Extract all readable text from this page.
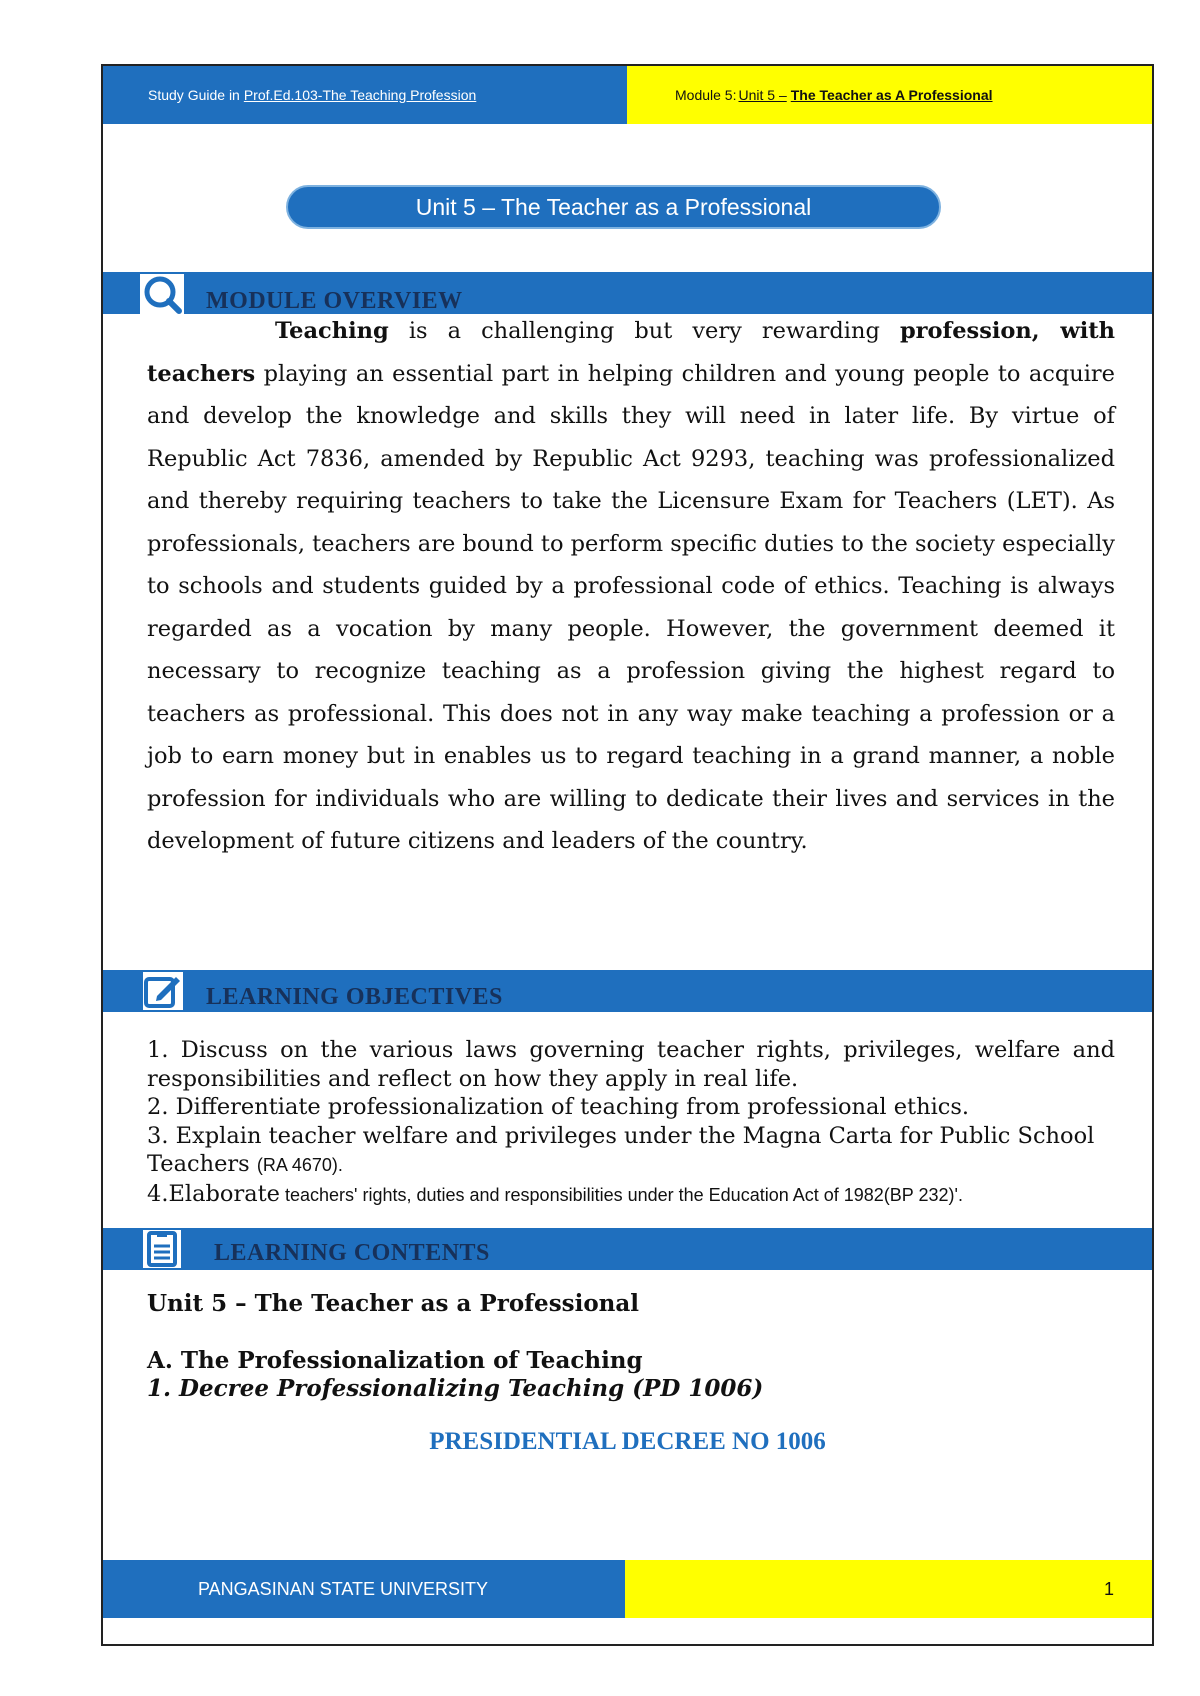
Study Guide in Prof.Ed.103-The Teaching Profession	Module 5: Unit 5 – The Teacher as A Professional
Unit 5 – The Teacher as a Professional
MODULE OVERVIEW

Teaching is a challenging but very rewarding profession, with teachers playing an essential part in helping children and young people to acquire and develop the knowledge and skills they will need in later life. By virtue of Republic Act 7836, amended by Republic Act 9293, teaching was professionalized and thereby requiring teachers to take the Licensure Exam for Teachers (LET). As professionals, teachers are bound to perform specific duties to the society especially to schools and students guided by a professional code of ethics. Teaching is always regarded as a vocation by many people. However, the government deemed it necessary to recognize teaching as a profession giving the highest regard to teachers as professional. This does not in any way make teaching a profession or a job to earn money but in enables us to regard teaching in a grand manner, a noble profession for individuals who are willing to dedicate their lives and services in the development of future citizens and leaders of the country.

LEARNING OBJECTIVES
1. Discuss on the various laws governing teacher rights, privileges, welfare and responsibilities and reflect on how they apply in real life.
2. Differentiate professionalization of teaching from professional ethics.
3. Explain teacher welfare and privileges under the Magna Carta for Public School Teachers (RA 4670).
4.Elaborate teachers' rights, duties and responsibilities under the Education Act of 1982(BP 232)'.
LEARNING CONTENTS
Unit 5 – The Teacher as a Professional
A. The Professionalization of Teaching
1. Decree Professionalizing Teaching (PD 1006)
PRESIDENTIAL DECREE NO 1006
PANGASINAN STATE UNIVERSITY	1
